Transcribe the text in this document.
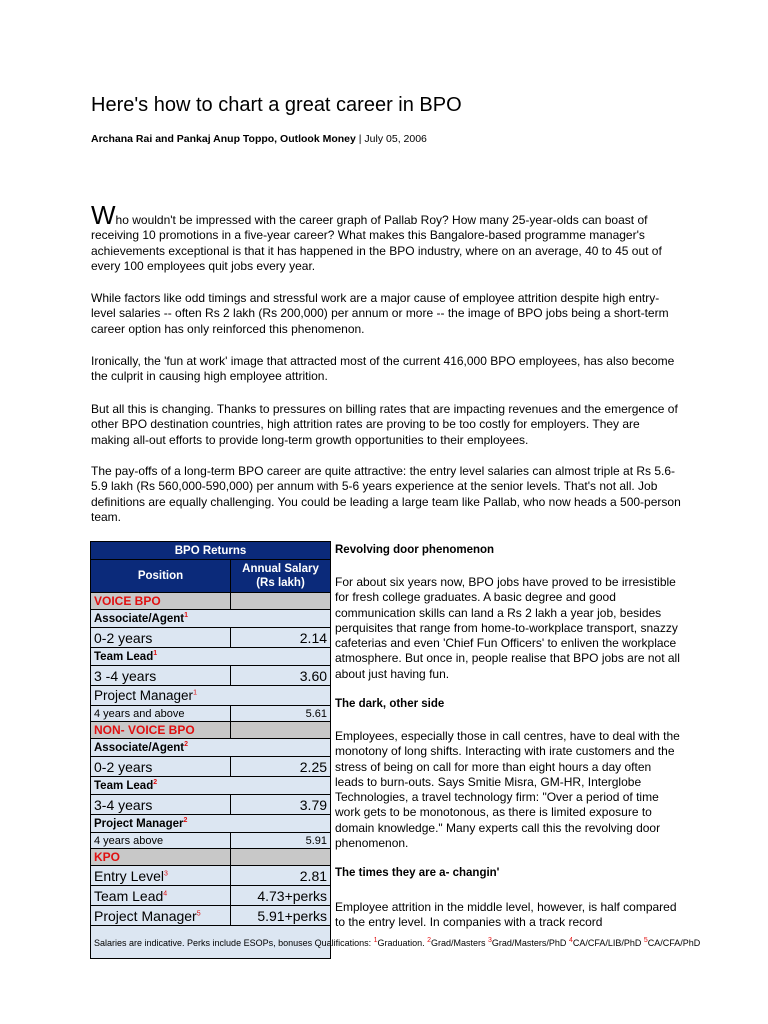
Here's how to chart a great career in BPO
Archana Rai and Pankaj Anup Toppo, Outlook Money | July 05, 2006
Who wouldn't be impressed with the career graph of Pallab Roy? How many 25-year-olds can boast of receiving 10 promotions in a five-year career? What makes this Bangalore-based programme manager's achievements exceptional is that it has happened in the BPO industry, where on an average, 40 to 45 out of every 100 employees quit jobs every year.
While factors like odd timings and stressful work are a major cause of employee attrition despite high entry-level salaries -- often Rs 2 lakh (Rs 200,000) per annum or more -- the image of BPO jobs being a short-term career option has only reinforced this phenomenon.
Ironically, the 'fun at work' image that attracted most of the current 416,000 BPO employees, has also become the culprit in causing high employee attrition.
But all this is changing. Thanks to pressures on billing rates that are impacting revenues and the emergence of other BPO destination countries, high attrition rates are proving to be too costly for employers. They are making all-out efforts to provide long-term growth opportunities to their employees.
The pay-offs of a long-term BPO career are quite attractive: the entry level salaries can almost triple at Rs 5.6-5.9 lakh (Rs 560,000-590,000) per annum with 5-6 years experience at the senior levels. That's not all. Job definitions are equally challenging. You could be leading a large team like Pallab, who now heads a 500-person team.
BPO Returns	
Position	Annual Salary (Rs lakh)
VOICE BPO	
Associate/Agent$^1$
0-2 years	2.14
Team Lead$^1$
3 -4 years	3.60
Project Manager$^1$
4 years and above	5.61
NON- VOICE BPO	
Associate/Agent$^2$
0-2 years	2.25
Team Lead$^2$
3-4 years	3.79
Project Manager$^2$
4 years above	5.91
KPO	
Entry Level$^3$	2.81
Team Lead$^4$	4.73+perks
Project Manager$^5$	5.91+perks
Salaries are indicative. Perks include ESOPs, bonuses Qualifications: $^1$Graduation. $^2$Grad/Masters $^3$Grad/Masters/PhD $^4$CA/CFA/LIB/PhD $^5$CA/CFA/PhD	
Revolving door phenomenon
For about six years now, BPO jobs have proved to be irresistible for fresh college graduates. A basic degree and good communication skills can land a Rs 2 lakh a year job, besides perquisites that range from home-to-workplace transport, snazzy cafeterias and even 'Chief Fun Officers' to enliven the workplace atmosphere. But once in, people realise that BPO jobs are not all about just having fun.
The dark, other side
Employees, especially those in call centres, have to deal with the monotony of long shifts. Interacting with irate customers and the stress of being on call for more than eight hours a day often leads to burn-outs. Says Smitie Misra, GM-HR, Interglobe Technologies, a travel technology firm: "Over a period of time work gets to be monotonous, as there is limited exposure to domain knowledge." Many experts call this the revolving door phenomenon.
The times they are a- changin'
Employee attrition in the middle level, however, is half compared to the entry level. In companies with a track record
